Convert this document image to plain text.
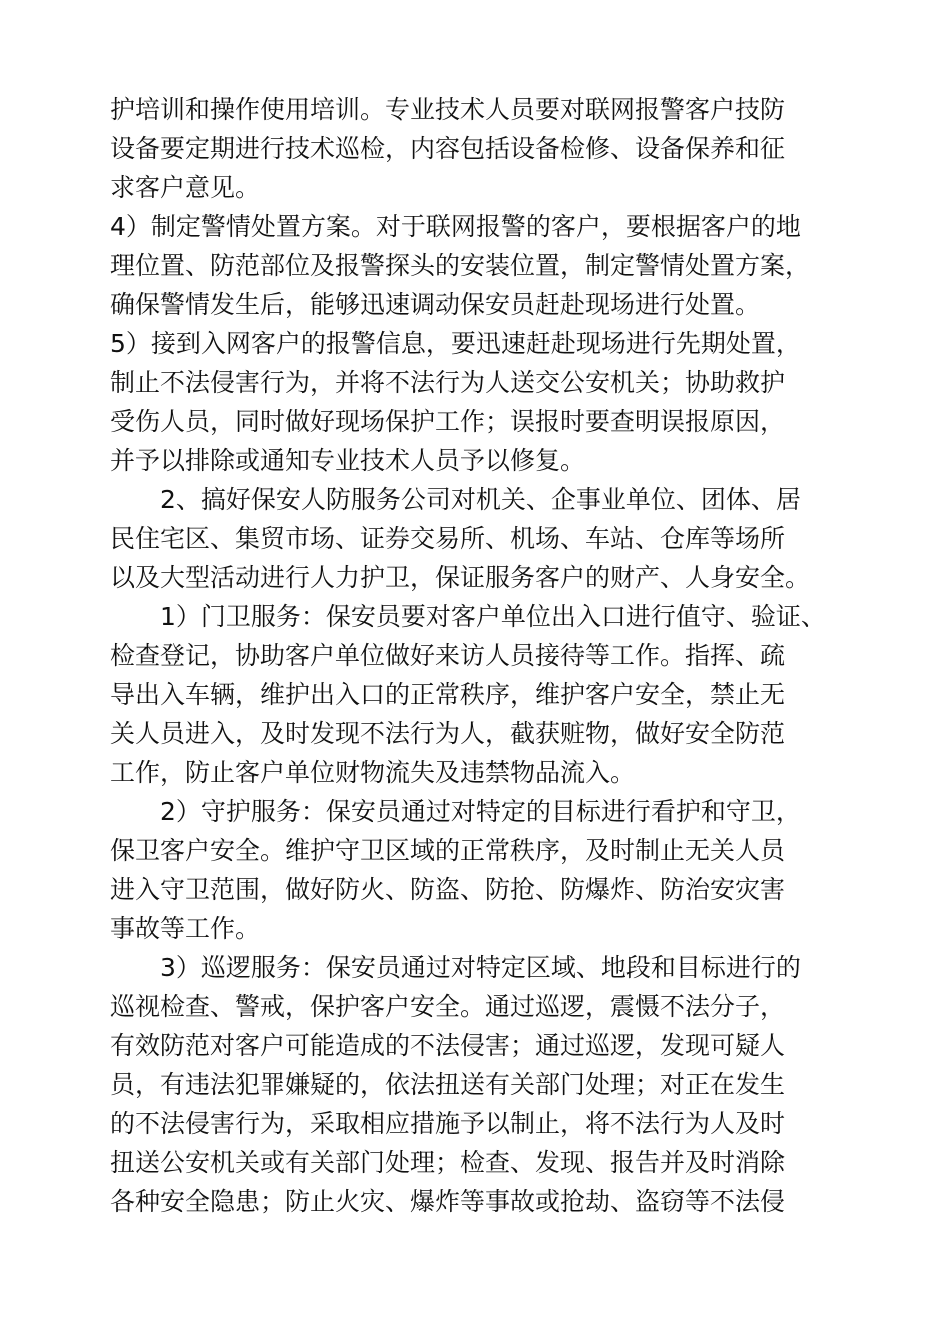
护培训和操作使用培训。专业技术人员要对联网报警客户技防
设备要定期进行技术巡检，内容包括设备检修、设备保养和征
求客户意见。
4）制定警情处置方案。对于联网报警的客户，要根据客户的地
理位置、防范部位及报警探头的安装位置，制定警情处置方案，
确保警情发生后，能够迅速调动保安员赶赴现场进行处置。
5）接到入网客户的报警信息，要迅速赶赴现场进行先期处置，
制止不法侵害行为，并将不法行为人送交公安机关；协助救护
受伤人员，同时做好现场保护工作；误报时要查明误报原因，
并予以排除或通知专业技术人员予以修复。
2、搞好保安人防服务公司对机关、企事业单位、团体、居
民住宅区、集贸市场、证券交易所、机场、车站、仓库等场所
以及大型活动进行人力护卫，保证服务客户的财产、人身安全。
1）门卫服务：保安员要对客户单位出入口进行值守、验证、
检查登记，协助客户单位做好来访人员接待等工作。指挥、疏
导出入车辆，维护出入口的正常秩序，维护客户安全，禁止无
关人员进入，及时发现不法行为人，截获赃物，做好安全防范
工作，防止客户单位财物流失及违禁物品流入。
2）守护服务：保安员通过对特定的目标进行看护和守卫，
保卫客户安全。维护守卫区域的正常秩序，及时制止无关人员
进入守卫范围，做好防火、防盗、防抢、防爆炸、防治安灾害
事故等工作。
3）巡逻服务：保安员通过对特定区域、地段和目标进行的
巡视检查、警戒，保护客户安全。通过巡逻，震慑不法分子，
有效防范对客户可能造成的不法侵害；通过巡逻，发现可疑人
员，有违法犯罪嫌疑的，依法扭送有关部门处理；对正在发生
的不法侵害行为，采取相应措施予以制止，将不法行为人及时
扭送公安机关或有关部门处理；检查、发现、报告并及时消除
各种安全隐患；防止火灾、爆炸等事故或抢劫、盗窃等不法侵
